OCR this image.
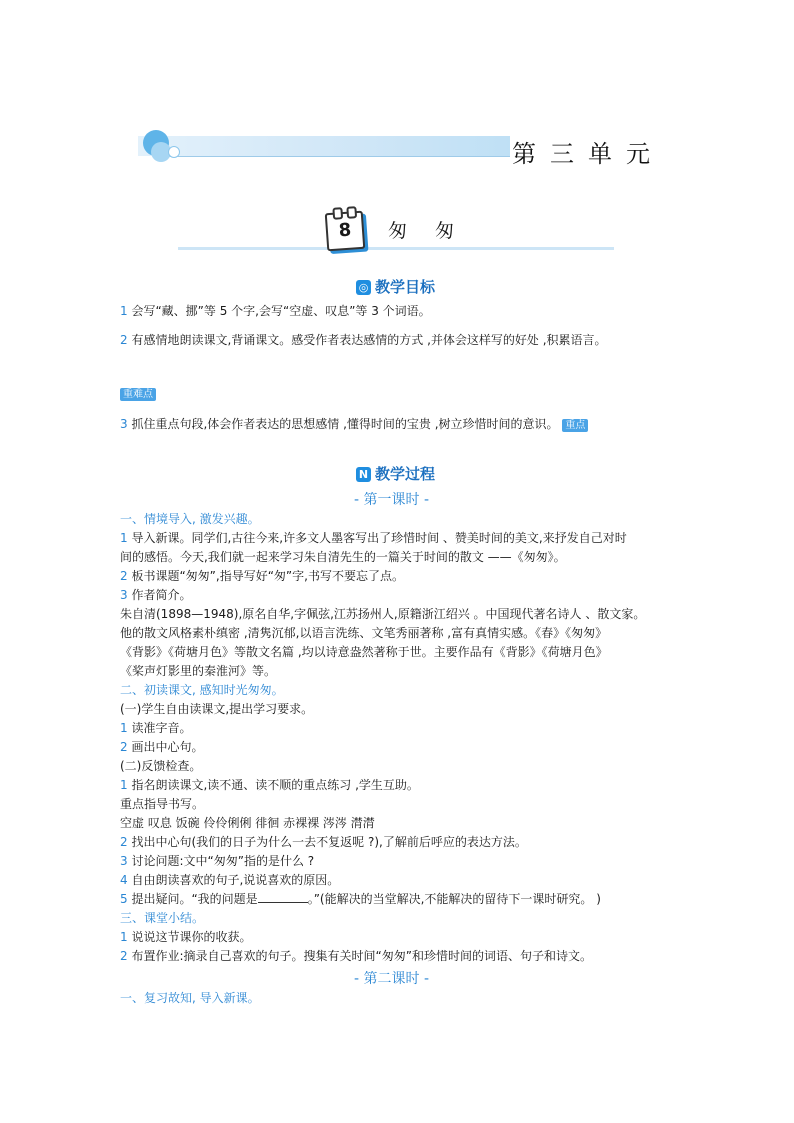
第三单元
8	匆匆
◎ 教学目标
1 会写“藏、挪”等 5 个字,会写“空虚、叹息”等 3 个词语。
2 有感情地朗读课文,背诵课文。感受作者表达感情的方式 ,并体会这样写的好处 ,积累语言。
重难点
3 抓住重点句段,体会作者表达的思想感情 ,懂得时间的宝贵 ,树立珍惜时间的意识。 重点
N 教学过程
- 第一课时 -
一、情境导入, 激发兴趣。
1 导入新课。同学们,古往今来,许多文人墨客写出了珍惜时间 、赞美时间的美文,来抒发自己对时
间的感悟。今天,我们就一起来学习朱自清先生的一篇关于时间的散文 ——《匆匆》。
2 板书课题“匆匆”,指导写好“匆”字,书写不要忘了点。
3 作者简介。
朱自清(1898—1948),原名自华,字佩弦,江苏扬州人,原籍浙江绍兴 。中国现代著名诗人 、散文家。
他的散文风格素朴缜密 ,清隽沉郁,以语言洗练、文笔秀丽著称 ,富有真情实感。《春》《匆匆》
《背影》《荷塘月色》等散文名篇 ,均以诗意盎然著称于世。主要作品有《背影》《荷塘月色》
《桨声灯影里的秦淮河》等。
二、初读课文, 感知时光匆匆。
(一)学生自由读课文,提出学习要求。
1 读准字音。
2 画出中心句。
(二)反馈检查。
1 指名朗读课文,读不通、读不顺的重点练习 ,学生互助。
重点指导书写。
空虚 叹息 饭碗 伶伶俐俐 徘徊 赤裸裸 涔涔 潸潸
2 找出中心句(我们的日子为什么一去不复返呢 ?),了解前后呼应的表达方法。
3 讨论问题:文中“匆匆”指的是什么 ?
4 自由朗读喜欢的句子,说说喜欢的原因。
5 提出疑问。“我的问题是	。”(能解决的当堂解决,不能解决的留待下一课时研究。 )
三、课堂小结。
1 说说这节课你的收获。
2 布置作业:摘录自己喜欢的句子。搜集有关时间“匆匆”和珍惜时间的词语、句子和诗文。
- 第二课时 -
一、复习故知, 导入新课。
